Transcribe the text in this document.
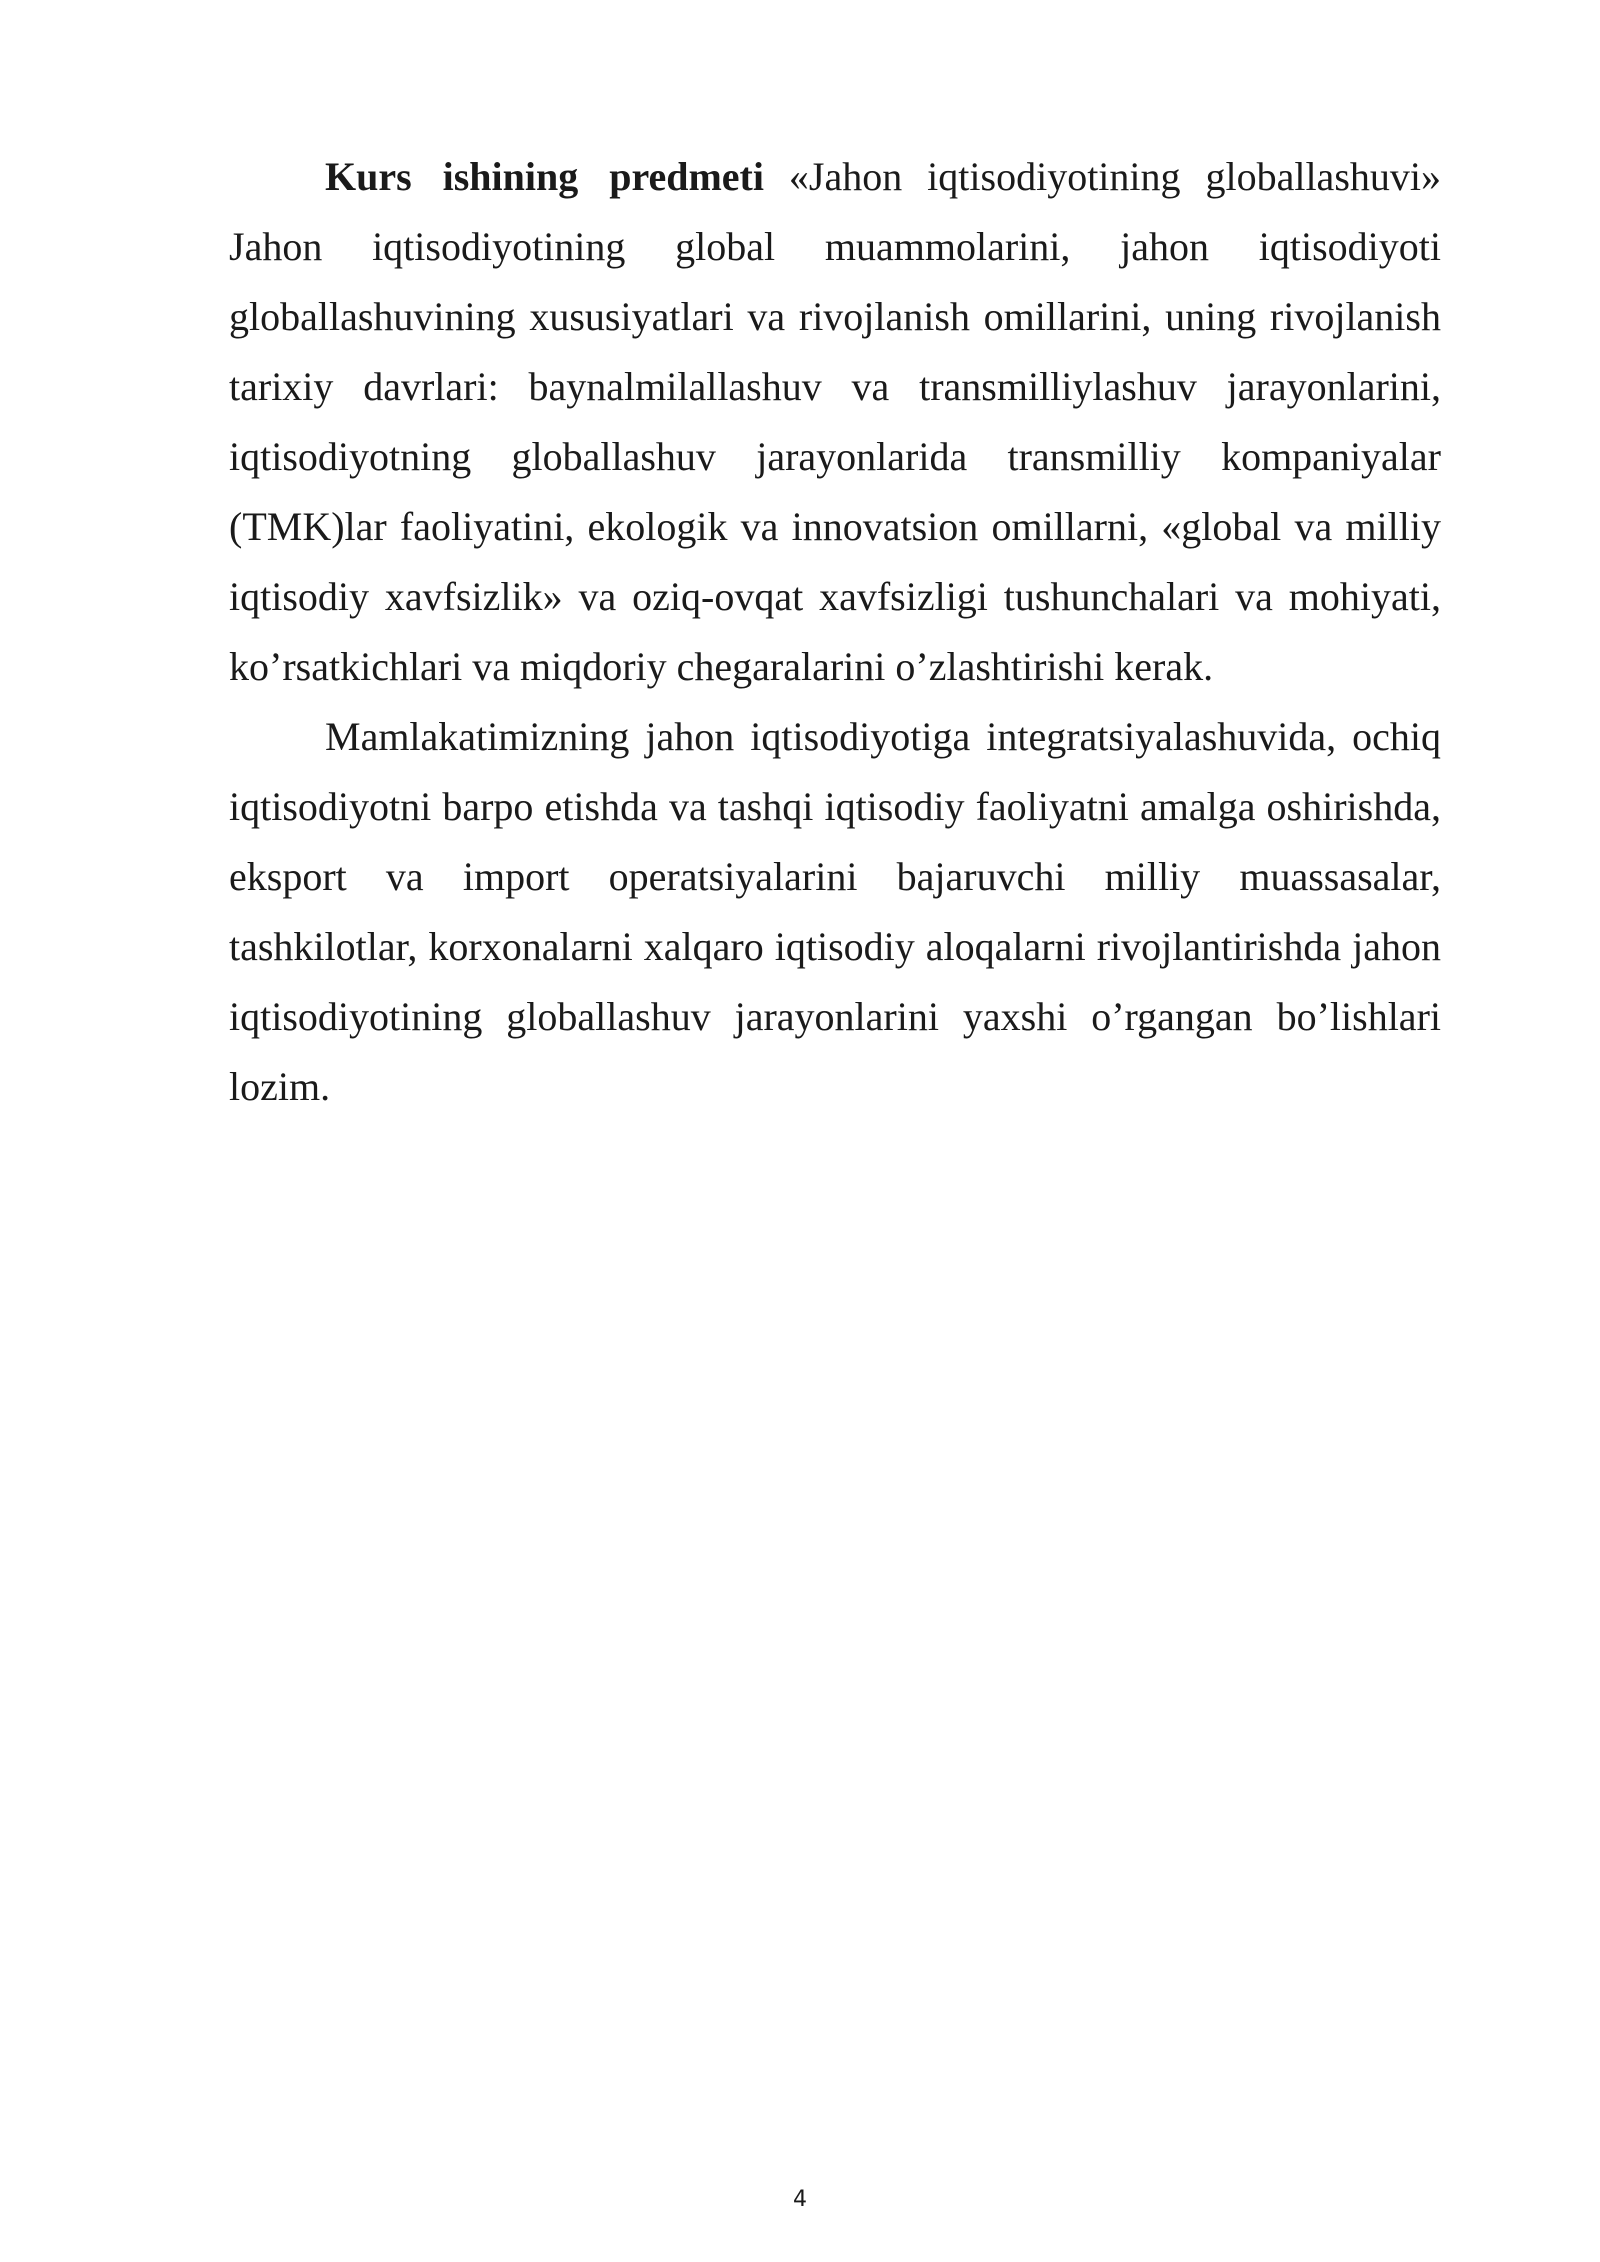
Kurs ishining predmeti «Jahon iqtisodiyotining globallashuvi» Jahon iqtisodiyotining global muammolarini, jahon iqtisodiyoti globallashuvining xususiyatlari va rivojlanish omillarini, uning rivojlanish tarixiy davrlari: baynalmilallashuv va transmilliylashuv jarayonlarini, iqtisodiyotning globallashuv jarayonlarida transmilliy kompaniyalar (TMK)lar faoliyatini, ekologik va innovatsion omillarni, «global va milliy iqtisodiy xavfsizlik» va oziq-ovqat xavfsizligi tushunchalari va mohiyati, ko’rsatkichlari va miqdoriy chegaralarini o’zlashtirishi kerak.

Mamlakatimizning jahon iqtisodiyotiga integratsiyalashuvida, ochiq iqtisodiyotni barpo etishda va tashqi iqtisodiy faoliyatni amalga oshirishda, eksport va import operatsiyalarini bajaruvchi milliy muassasalar, tashkilotlar, korxonalarni xalqaro iqtisodiy aloqalarni rivojlantirishda jahon iqtisodiyotining globallashuv jarayonlarini yaxshi o’rgangan bo’lishlari lozim.

4
